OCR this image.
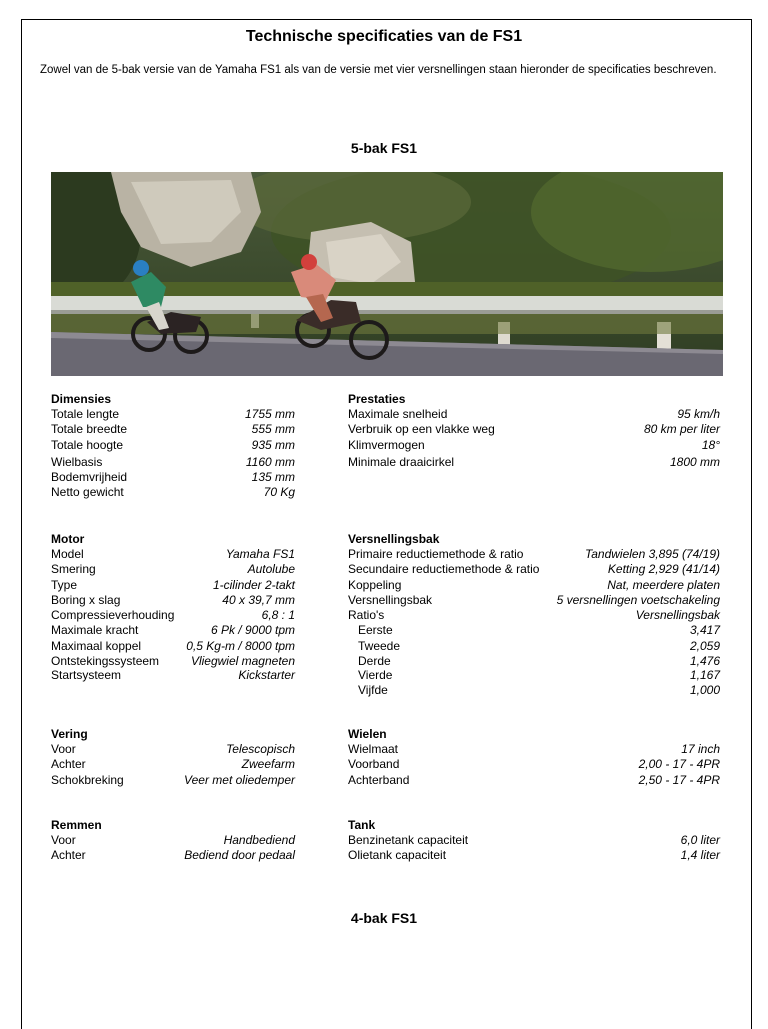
Technische specificaties van de FS1
Zowel van de 5-bak versie van de Yamaha FS1 als van de versie met vier versnellingen staan hieronder de specificaties beschreven.
5-bak FS1
Dimensies
Totale lengte	1755 mm
Totale breedte	555 mm
Totale hoogte	935 mm
Wielbasis	1160 mm
Bodemvrijheid	135 mm
Netto gewicht	70 Kg
Prestaties
Maximale snelheid	95 km/h
Verbruik op een vlakke weg	80 km per liter
Klimvermogen	18°
Minimale draaicirkel	1800 mm
Motor
Model	Yamaha FS1
Smering	Autolube
Type	1-cilinder 2-takt
Boring x slag	40 x 39,7 mm
Compressieverhouding	6,8 : 1
Maximale kracht	6 Pk / 9000 tpm
Maximaal koppel	0,5 Kg-m / 8000 tpm
Ontstekingssysteem	Vliegwiel magneten
Startsysteem	Kickstarter
Versnellingsbak
Primaire reductiemethode & ratio	Tandwielen 3,895 (74/19)
Secundaire reductiemethode & ratio	Ketting 2,929 (41/14)
Koppeling	Nat, meerdere platen
Versnellingsbak	5 versnellingen voetschakeling
Ratio's	Versnellingsbak
Eerste	3,417
Tweede	2,059
Derde	1,476
Vierde	1,167
Vijfde	1,000
Vering
Voor	Telescopisch
Achter	Zweefarm
Schokbreking	Veer met oliedemper
Wielen
Wielmaat	17 inch
Voorband	2,00 - 17 - 4PR
Achterband	2,50 - 17 - 4PR
Remmen
Voor	Handbediend
Achter	Bediend door pedaal
Tank
Benzinetank capaciteit	6,0 liter
Olietank capaciteit	1,4 liter
4-bak FS1
